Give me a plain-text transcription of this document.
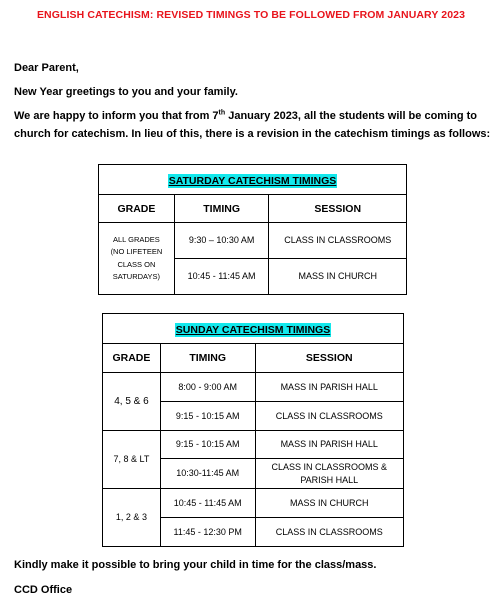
ENGLISH CATECHISM: REVISED TIMINGS TO BE FOLLOWED FROM JANUARY 2023
Dear Parent,
New Year greetings to you and your family.
We are happy to inform you that from 7th January 2023, all the students will be coming to
church for catechism. In lieu of this, there is a revision in the catechism timings as follows:
SATURDAY CATECHISM TIMINGS		
GRADE	TIMING	SESSION

ALL GRADES
(NO LIFETEEN
CLASS ON
SATURDAYS)	9:30 – 10:30 AM	CLASS IN CLASSROOMS
	10:45 - 11:45 AM	MASS IN CHURCH
SUNDAY CATECHISM TIMINGS		
GRADE	TIMING	SESSION
4, 5 & 6	8:00 - 9:00 AM	MASS IN PARISH HALL
	9:15 - 10:15 AM	CLASS IN CLASSROOMS
7, 8 & LT	9:15 - 10:15 AM	MASS IN PARISH HALL
	10:30-11:45 AM	CLASS IN CLASSROOMS &
PARISH HALL

1, 2 & 3	10:45 - 11:45 AM	MASS IN CHURCH
	11:45 - 12:30 PM	CLASS IN CLASSROOMS
Kindly make it possible to bring your child in time for the class/mass.
CCD Office
